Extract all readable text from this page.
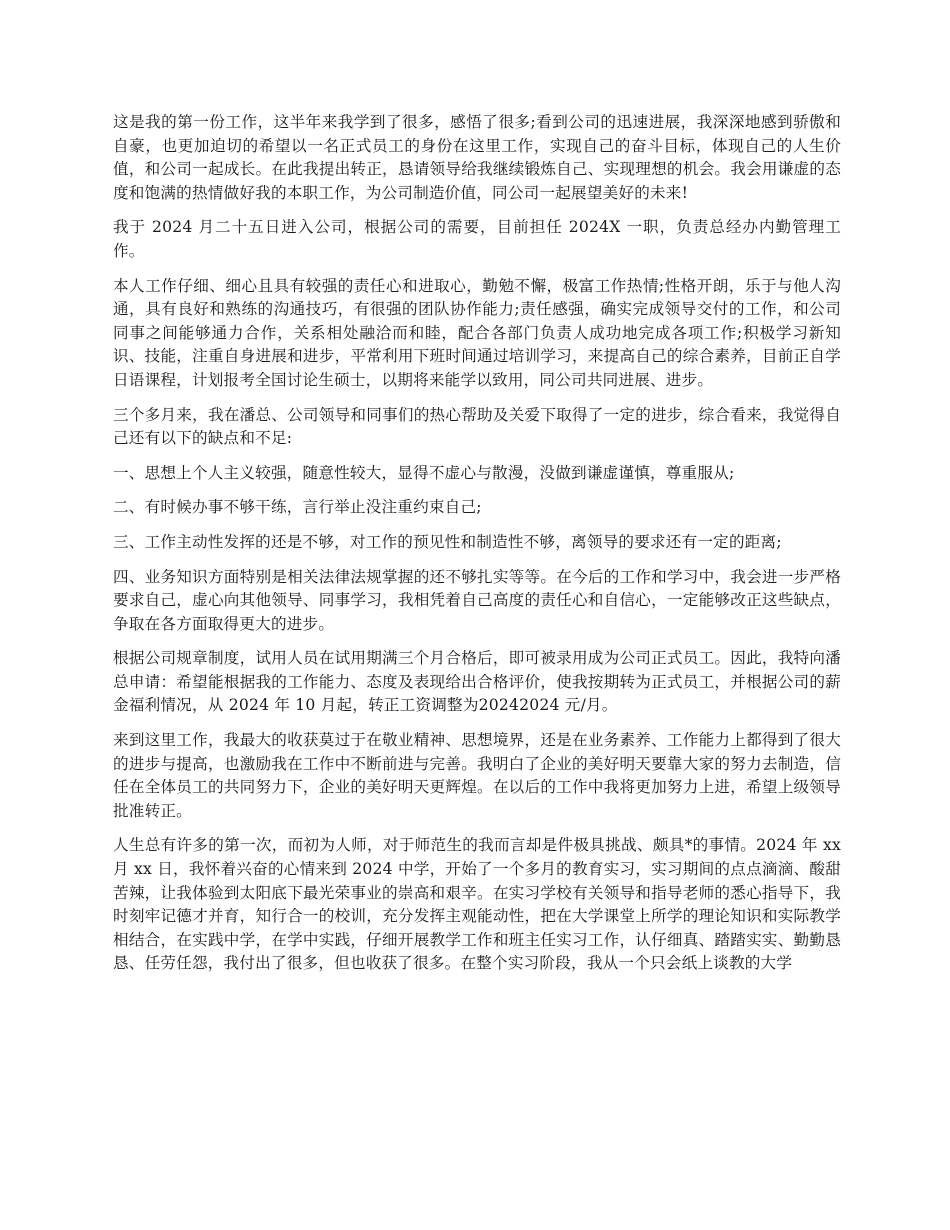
这是我的第一份工作，这半年来我学到了很多，感悟了很多;看到公司的迅速进展，我深深地感到骄傲和自豪，也更加迫切的希望以一名正式员工的身份在这里工作，实现自己的奋斗目标，体现自己的人生价值，和公司一起成长。在此我提出转正，恳请领导给我继续锻炼自己、实现理想的机会。我会用谦虚的态度和饱满的热情做好我的本职工作，为公司制造价值，同公司一起展望美好的未来!

我于 2024 月二十五日进入公司，根据公司的需要，目前担任 2024X 一职，负责总经办内勤管理工作。

本人工作仔细、细心且具有较强的责任心和进取心，勤勉不懈，极富工作热情;性格开朗，乐于与他人沟通，具有良好和熟练的沟通技巧，有很强的团队协作能力;责任感强，确实完成领导交付的工作，和公司同事之间能够通力合作，关系相处融洽而和睦，配合各部门负责人成功地完成各项工作;积极学习新知识、技能，注重自身进展和进步，平常利用下班时间通过培训学习，来提高自己的综合素养，目前正自学日语课程，计划报考全国讨论生硕士，以期将来能学以致用，同公司共同进展、进步。

三个多月来，我在潘总、公司领导和同事们的热心帮助及关爱下取得了一定的进步，综合看来，我觉得自己还有以下的缺点和不足:

一、思想上个人主义较强，随意性较大，显得不虚心与散漫，没做到谦虚谨慎，尊重服从;

二、有时候办事不够干练，言行举止没注重约束自己;

三、工作主动性发挥的还是不够，对工作的预见性和制造性不够，离领导的要求还有一定的距离;

四、业务知识方面特别是相关法律法规掌握的还不够扎实等等。在今后的工作和学习中，我会进一步严格要求自己，虚心向其他领导、同事学习，我相凭着自己高度的责任心和自信心，一定能够改正这些缺点，争取在各方面取得更大的进步。

根据公司规章制度，试用人员在试用期满三个月合格后，即可被录用成为公司正式员工。因此，我特向潘总申请：希望能根据我的工作能力、态度及表现给出合格评价，使我按期转为正式员工，并根据公司的薪金福利情况，从 2024 年 10 月起，转正工资调整为20242024 元/月。

来到这里工作，我最大的收获莫过于在敬业精神、思想境界，还是在业务素养、工作能力上都得到了很大的进步与提高，也激励我在工作中不断前进与完善。我明白了企业的美好明天要靠大家的努力去制造，信任在全体员工的共同努力下，企业的美好明天更辉煌。在以后的工作中我将更加努力上进，希望上级领导批准转正。

人生总有许多的第一次，而初为人师，对于师范生的我而言却是件极具挑战、颇具*的事情。2024 年 xx 月 xx 日，我怀着兴奋的心情来到 2024 中学，开始了一个多月的教育实习，实习期间的点点滴滴、酸甜苦辣，让我体验到太阳底下最光荣事业的崇高和艰辛。在实习学校有关领导和指导老师的悉心指导下，我时刻牢记德才并育，知行合一的校训，充分发挥主观能动性，把在大学课堂上所学的理论知识和实际教学相结合，在实践中学，在学中实践，仔细开展教学工作和班主任实习工作，认仔细真、踏踏实实、勤勤恳恳、任劳任怨，我付出了很多，但也收获了很多。在整个实习阶段，我从一个只会纸上谈教的大学
